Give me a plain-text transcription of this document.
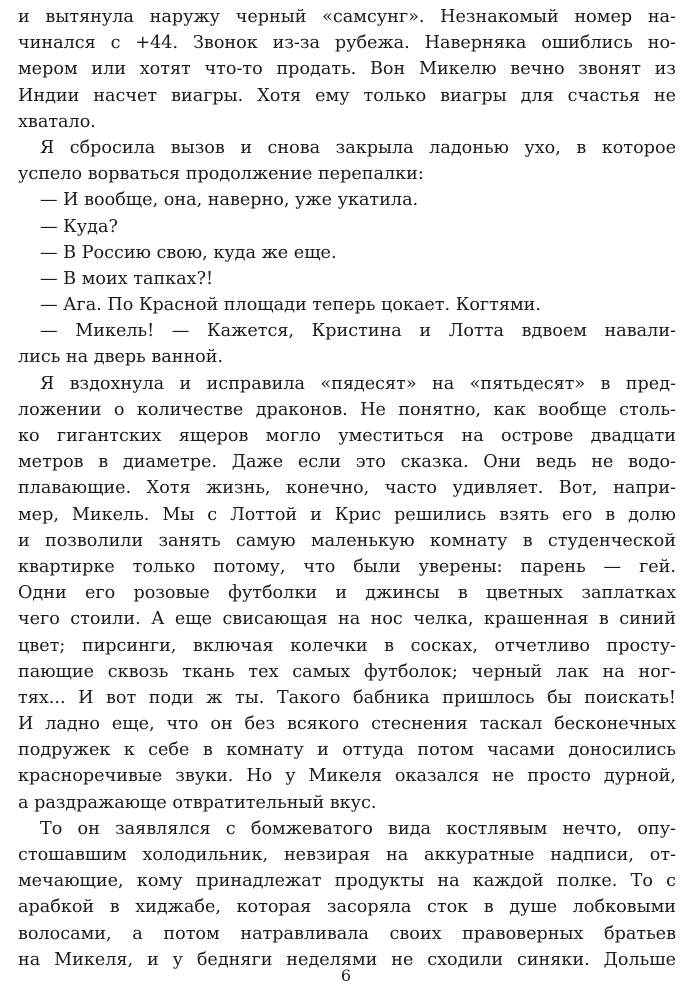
и вытянула наружу черный «самсунг». Незнакомый номер на-
чинался с +44. Звонок из-за рубежа. Наверняка ошиблись но-
мером или хотят что-то продать. Вон Микелю вечно звонят из
Индии насчет виагры. Хотя ему только виагры для счастья не
хватало.
Я сбросила вызов и снова закрыла ладонью ухо, в которое
успело ворваться продолжение перепалки:
— И вообще, она, наверно, уже укатила.
— Куда?
— В Россию свою, куда же еще.
— В моих тапках?!
— Ага. По Красной площади теперь цокает. Когтями.
— Микель! — Кажется, Кристина и Лотта вдвоем навали-
лись на дверь ванной.
Я вздохнула и исправила «пядесят» на «пятьдесят» в пред-
ложении о количестве драконов. Не понятно, как вообще столь-
ко гигантских ящеров могло уместиться на острове двадцати
метров в диаметре. Даже если это сказка. Они ведь не водо-
плавающие. Хотя жизнь, конечно, часто удивляет. Вот, напри-
мер, Микель. Мы с Лоттой и Крис решились взять его в долю
и позволили занять самую маленькую комнату в студенческой
квартирке только потому, что были уверены: парень — гей.
Одни его розовые футболки и джинсы в цветных заплатках
чего стоили. А еще свисающая на нос челка, крашенная в синий
цвет; пирсинги, включая колечки в сосках, отчетливо просту-
пающие сквозь ткань тех самых футболок; черный лак на ног-
тях... И вот поди ж ты. Такого бабника пришлось бы поискать!
И ладно еще, что он без всякого стеснения таскал бесконечных
подружек к себе в комнату и оттуда потом часами доносились
красноречивые звуки. Но у Микеля оказался не просто дурной,
а раздражающе отвратительный вкус.
То он заявлялся с бомжеватого вида костлявым нечто, опу-
стошавшим холодильник, невзирая на аккуратные надписи, от-
мечающие, кому принадлежат продукты на каждой полке. То с
арабкой в хиджабе, которая засоряла сток в душе лобковыми
волосами, а потом натравливала своих правоверных братьев
на Микеля, и у бедняги неделями не сходили синяки. Дольше
6
